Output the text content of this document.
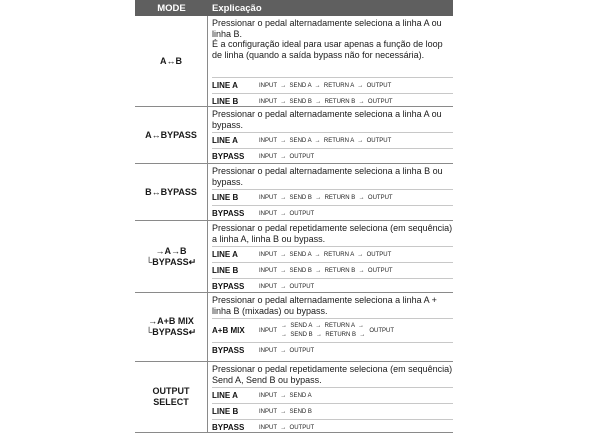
MODE	Explicação
A↔B
Pressionar o pedal alternadamente seleciona a linha A ou linha B.
É a configuração ideal para usar apenas a função de loop de linha (quando a saída bypass não for necessária).
LINE A	INPUT  →  SEND A  →  RETURN A  →  OUTPUT
LINE B	INPUT  →  SEND B  →  RETURN B  →  OUTPUT
A↔BYPASS
Pressionar o pedal alternadamente seleciona a linha A ou bypass.
LINE A	INPUT  →  SEND A  →  RETURN A  →  OUTPUT
BYPASS	INPUT  →  OUTPUT
B↔BYPASS
Pressionar o pedal alternadamente seleciona a linha B ou bypass.
LINE B	INPUT  →  SEND B  →  RETURN B  →  OUTPUT
BYPASS	INPUT  →  OUTPUT
→A→B
└BYPASS↵
Pressionar o pedal repetidamente seleciona (em sequência) a linha A, linha B ou bypass.
LINE A	INPUT  →  SEND A  →  RETURN A  →  OUTPUT
LINE B	INPUT  →  SEND B  →  RETURN B  →  OUTPUT
BYPASS	INPUT  →  OUTPUT
→A+B MIX
└BYPASS↵
Pressionar o pedal alternadamente seleciona a linha A + linha B (mixadas) ou bypass.
A+B MIX	INPUT
→  SEND A  →  RETURN A  →
→  SEND B  →  RETURN B  →
OUTPUT
BYPASS	INPUT  →  OUTPUT
OUTPUT SELECT
Pressionar o pedal repetidamente seleciona (em sequência) Send A, Send B ou bypass.
LINE A	INPUT  →  SEND A
LINE B	INPUT  →  SEND B
BYPASS	INPUT  →  OUTPUT
